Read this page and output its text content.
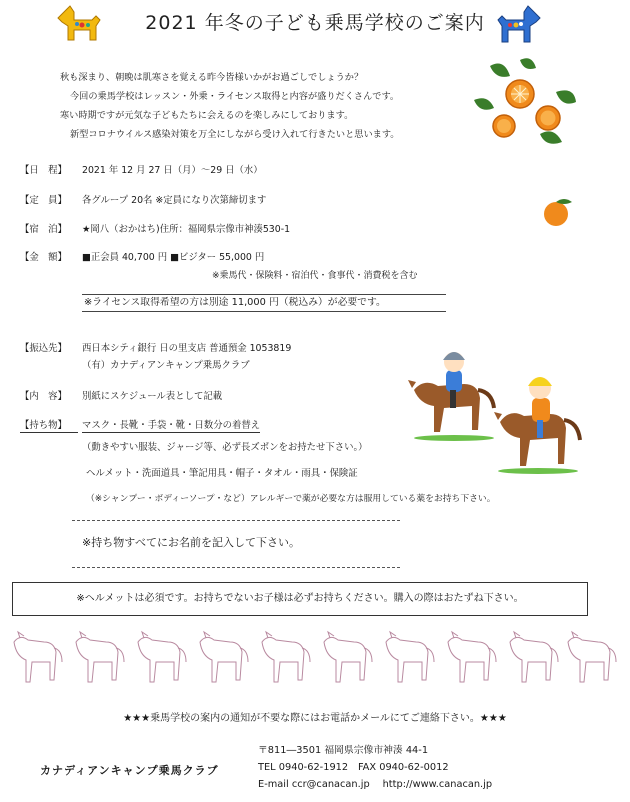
2021 年冬の子ども乗馬学校のご案内
秋も深まり、朝晩は肌寒さを覚える昨今皆様いかがお過ごしでしょうか？
今回の乗馬学校はレッスン・外乗・ライセンス取得と内容が盛りだくさんです。
寒い時期ですが元気な子どもたちに会えるのを楽しみにしております。
新型コロナウイルス感染対策を万全にしながら受け入れて行きたいと思います。
【日　程】 2021 年 12 月 27 日（月）～29 日（水）
【定　員】 各グループ 20名 ※定員になり次第締切ます
【宿　泊】 ★岡八（おかはち)住所：福岡県宗像市神湊530-1
【金　額】 ■正会員 40,700 円 ■ビジター 55,000 円
※乗馬代・保険料・宿泊代・食事代・消費税を含む
※ライセンス取得希望の方は別途 11,000 円（税込み）が必要です。
【振込先】 西日本シティ銀行 日の里支店 普通預金 1053819
（有）カナディアンキャンプ乗馬クラブ
【内　容】 別紙にスケジュール表として記載
【持ち物】 マスク・長靴・手袋・靴・日数分の着替え
（動きやすい服装、ジャージ等、必ず長ズボンをお持たせ下さい。）
ヘルメット・洗面道具・筆記用具・帽子・タオル・雨具・保険証
（※シャンプー・ボディーソープ・など）アレルギーで薬が必要な方は服用している薬をお持ち下さい。
※持ち物すべてにお名前を記入して下さい。
※ヘルメットは必須です。お持ちでないお子様は必ずお持ちください。購入の際はおたずね下さい。
★★★乗馬学校の案内の通知が不要な際にはお電話かメールにてご連絡下さい。★★★
カナディアンキャンプ乗馬クラブ
〒811―3501 福岡県宗像市神湊 44-1
TEL 0940-62-1912　FAX 0940-62-0012
E-mail ccr@canacan.jp　 http://www.canacan.jp
